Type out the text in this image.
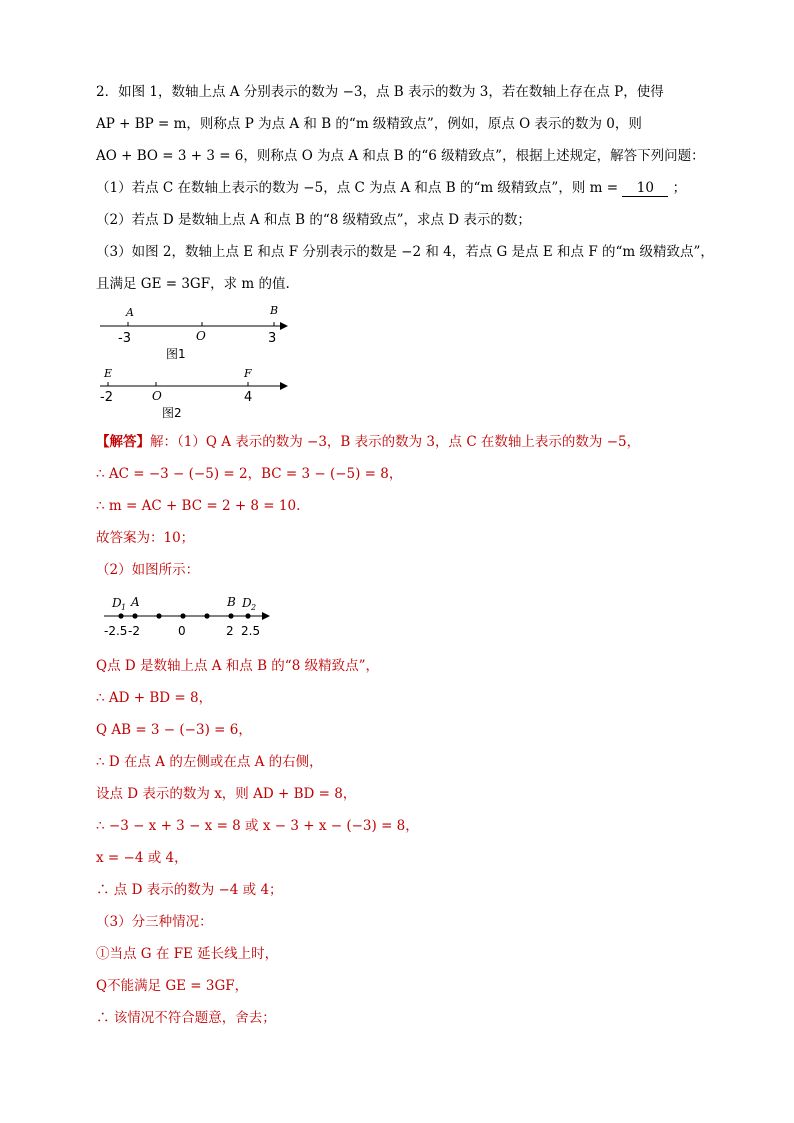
2．如图 1，数轴上点 A 分别表示的数为 −3，点 B 表示的数为 3，若在数轴上存在点 P，使得
AP + BP = m，则称点 P 为点 A 和 B 的“m 级精致点”，例如，原点 O 表示的数为 0，则
AO + BO = 3 + 3 = 6，则称点 O 为点 A 和点 B 的“6 级精致点”，根据上述规定，解答下列问题：
（1）若点 C 在数轴上表示的数为 −5，点 C 为点 A 和点 B 的“m 级精致点”，则 m = 10 ；
（2）若点 D 是数轴上点 A 和点 B 的“8 级精致点”，求点 D 表示的数；
（3）如图 2，数轴上点 E 和点 F 分别表示的数是 −2 和 4，若点 G 是点 E 和点 F 的“m 级精致点”，
且满足 GE = 3GF，求 m 的值.
A	B
-3	O	3
图1
E	F
-2	O	4
图2
【解答】解：（1）Q A 表示的数为 −3，B 表示的数为 3，点 C 在数轴上表示的数为 −5，
∴ AC = −3 − (−5) = 2，BC = 3 − (−5) = 8，
∴ m = AC + BC = 2 + 8 = 10.
故答案为：10；
（2）如图所示：
D 1 A	B D 2
-2.5 -2	0	2 2.5
Q点 D 是数轴上点 A 和点 B 的“8 级精致点”，
∴ AD + BD = 8，
Q AB = 3 − (−3) = 6，
∴ D 在点 A 的左侧或在点 A 的右侧，
设点 D 表示的数为 x，则 AD + BD = 8，
∴ −3 − x + 3 − x = 8 或 x − 3 + x − (−3) = 8，
x = −4 或 4，
∴ 点 D 表示的数为 −4 或 4；
（3）分三种情况：
①当点 G 在 FE 延长线上时，
Q不能满足 GE = 3GF，
∴ 该情况不符合题意，舍去；
